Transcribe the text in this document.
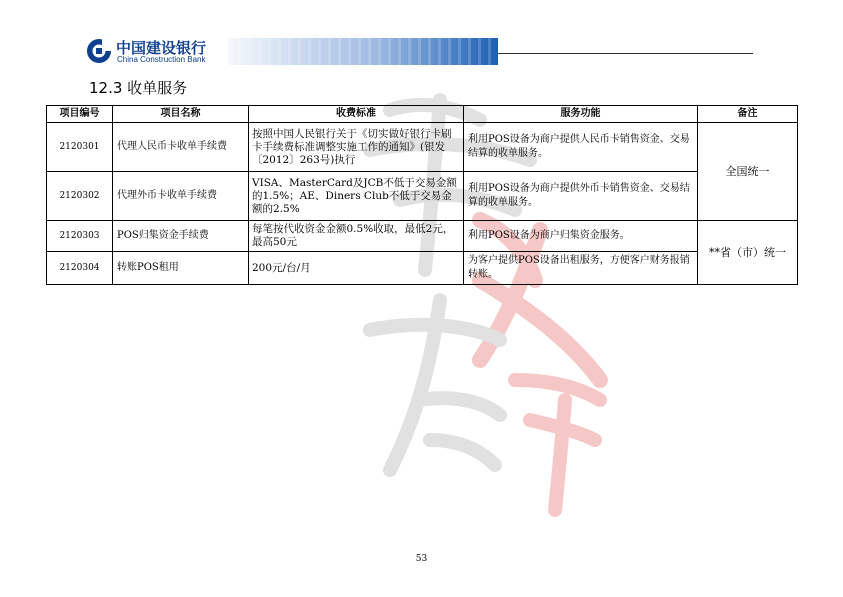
中国建设银行
China Construction Bank
12.3 收单服务
项目编号	项目名称	收费标准	服务功能	备注
2120301	代理人民币卡收单手续费	按照中国人民银行关于《切实做好银行卡刷卡手续费标准调整实施工作的通知》(银发〔2012〕263号)执行	利用POS设备为商户提供人民币卡销售资金、交易结算的收单服务。	全国统一
2120302	代理外币卡收单手续费	VISA、MasterCard及JCB不低于交易金额的1.5%；AE、Diners Club不低于交易金额的2.5%	利用POS设备为商户提供外币卡销售资金、交易结算的收单服务。	
2120303	POS归集资金手续费	每笔按代收资金金额0.5%收取，最低2元，最高50元	利用POS设备为商户归集资金服务。	**省（市）统一
2120304	转账POS租用	200元/台/月	为客户提供POS设备出租服务，方便客户财务报销转账。	
53
